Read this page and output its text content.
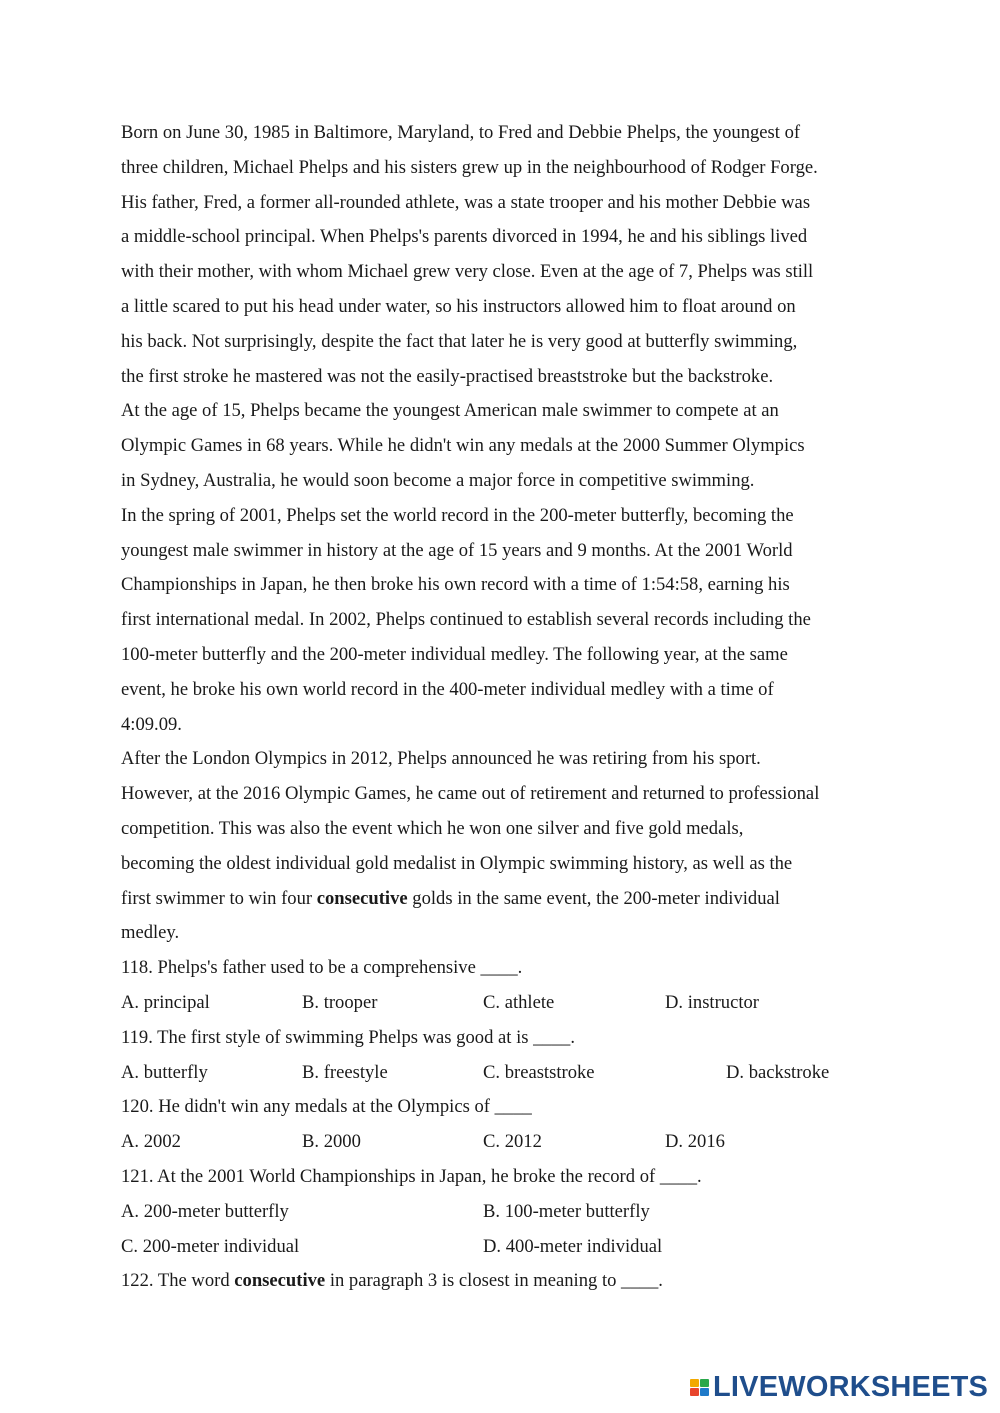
Born on June 30, 1985 in Baltimore, Maryland, to Fred and Debbie Phelps, the youngest of
three children, Michael Phelps and his sisters grew up in the neighbourhood of Rodger Forge.
His father, Fred, a former all-rounded athlete, was a state trooper and his mother Debbie was
a middle-school principal. When Phelps's parents divorced in 1994, he and his siblings lived
with their mother, with whom Michael grew very close. Even at the age of 7, Phelps was still
a little scared to put his head under water, so his instructors allowed him to float around on
his back. Not surprisingly, despite the fact that later he is very good at butterfly swimming,
the first stroke he mastered was not the easily-practised breaststroke but the backstroke.
At the age of 15, Phelps became the youngest American male swimmer to compete at an
Olympic Games in 68 years. While he didn't win any medals at the 2000 Summer Olympics
in Sydney, Australia, he would soon become a major force in competitive swimming.
In the spring of 2001, Phelps set the world record in the 200-meter butterfly, becoming the
youngest male swimmer in history at the age of 15 years and 9 months. At the 2001 World
Championships in Japan, he then broke his own record with a time of 1:54:58, earning his
first international medal. In 2002, Phelps continued to establish several records including the
100-meter butterfly and the 200-meter individual medley. The following year, at the same
event, he broke his own world record in the 400-meter individual medley with a time of
4:09.09.
After the London Olympics in 2012, Phelps announced he was retiring from his sport.
However, at the 2016 Olympic Games, he came out of retirement and returned to professional
competition. This was also the event which he won one silver and five gold medals,
becoming the oldest individual gold medalist in Olympic swimming history, as well as the
first swimmer to win four consecutive golds in the same event, the 200-meter individual
medley.
118. Phelps's father used to be a comprehensive ____.
A. principal	B. trooper	C. athlete	D. instructor
119. The first style of swimming Phelps was good at is ____.
A. butterfly	B. freestyle	C. breaststroke	D. backstroke
120. He didn't win any medals at the Olympics of ____
A. 2002	B. 2000	C. 2012	D. 2016
121. At the 2001 World Championships in Japan, he broke the record of ____.
A. 200-meter butterfly	B. 100-meter butterfly
C. 200-meter individual	D. 400-meter individual
122. The word consecutive in paragraph 3 is closest in meaning to ____.
LIVEWORKSHEETS
